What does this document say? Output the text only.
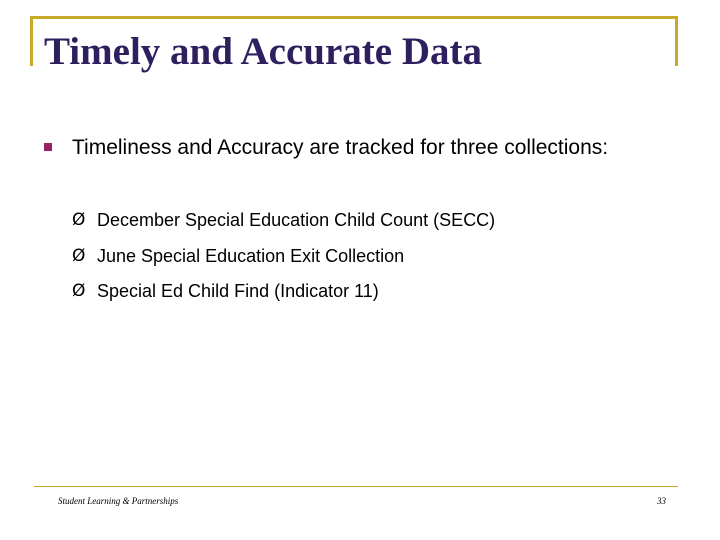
Timely and Accurate Data
Timeliness and Accuracy are tracked for three collections:
Ø December Special Education Child Count (SECC)
Ø June Special Education Exit Collection
Ø Special Ed Child Find (Indicator 11)
Student Learning & Partnerships	33
